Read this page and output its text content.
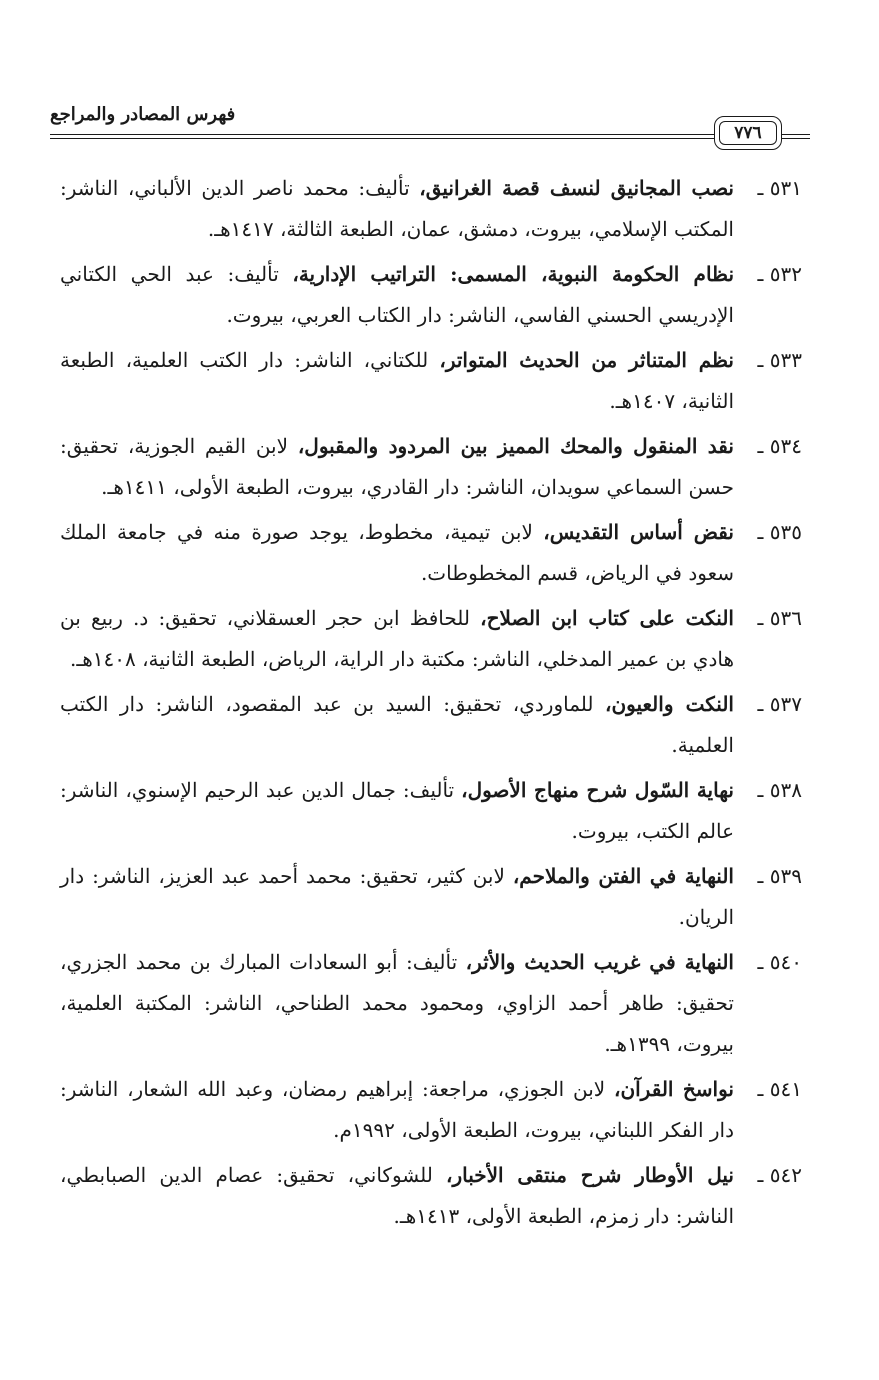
فهرس المصادر والمراجع
٧٧٦
٥٣١ ـ
نصب المجانيق لنسف قصة الغرانيق، تأليف: محمد ناصر الدين الألباني، الناشر: المكتب الإسلامي، بيروت، دمشق، عمان، الطبعة الثالثة، ١٤١٧هـ.
٥٣٢ ـ
نظام الحكومة النبوية، المسمى: التراتيب الإدارية، تأليف: عبد الحي الكتاني الإدريسي الحسني الفاسي، الناشر: دار الكتاب العربي، بيروت.
٥٣٣ ـ
نظم المتناثر من الحديث المتواتر، للكتاني، الناشر: دار الكتب العلمية، الطبعة الثانية، ١٤٠٧هـ.
٥٣٤ ـ
نقد المنقول والمحك المميز بين المردود والمقبول، لابن القيم الجوزية، تحقيق: حسن السماعي سويدان، الناشر: دار القادري، بيروت، الطبعة الأولى، ١٤١١هـ.
٥٣٥ ـ
نقض أساس التقديس، لابن تيمية، مخطوط، يوجد صورة منه في جامعة الملك سعود في الرياض، قسم المخطوطات.
٥٣٦ ـ
النكت على كتاب ابن الصلاح، للحافظ ابن حجر العسقلاني، تحقيق: د. ربيع بن هادي بن عمير المدخلي، الناشر: مكتبة دار الراية، الرياض، الطبعة الثانية، ١٤٠٨هـ.
٥٣٧ ـ
النكت والعيون، للماوردي، تحقيق: السيد بن عبد المقصود، الناشر: دار الكتب العلمية.
٥٣٨ ـ
نهاية السّول شرح منهاج الأصول، تأليف: جمال الدين عبد الرحيم الإسنوي، الناشر: عالم الكتب، بيروت.
٥٣٩ ـ
النهاية في الفتن والملاحم، لابن كثير، تحقيق: محمد أحمد عبد العزيز، الناشر: دار الريان.
٥٤٠ ـ
النهاية في غريب الحديث والأثر، تأليف: أبو السعادات المبارك بن محمد الجزري، تحقيق: طاهر أحمد الزاوي، ومحمود محمد الطناحي، الناشر: المكتبة العلمية، بيروت، ١٣٩٩هـ.
٥٤١ ـ
نواسخ القرآن، لابن الجوزي، مراجعة: إبراهيم رمضان، وعبد الله الشعار، الناشر: دار الفكر اللبناني، بيروت، الطبعة الأولى، ١٩٩٢م.
٥٤٢ ـ
نيل الأوطار شرح منتقى الأخبار، للشوكاني، تحقيق: عصام الدين الصبابطي، الناشر: دار زمزم، الطبعة الأولى، ١٤١٣هـ.
